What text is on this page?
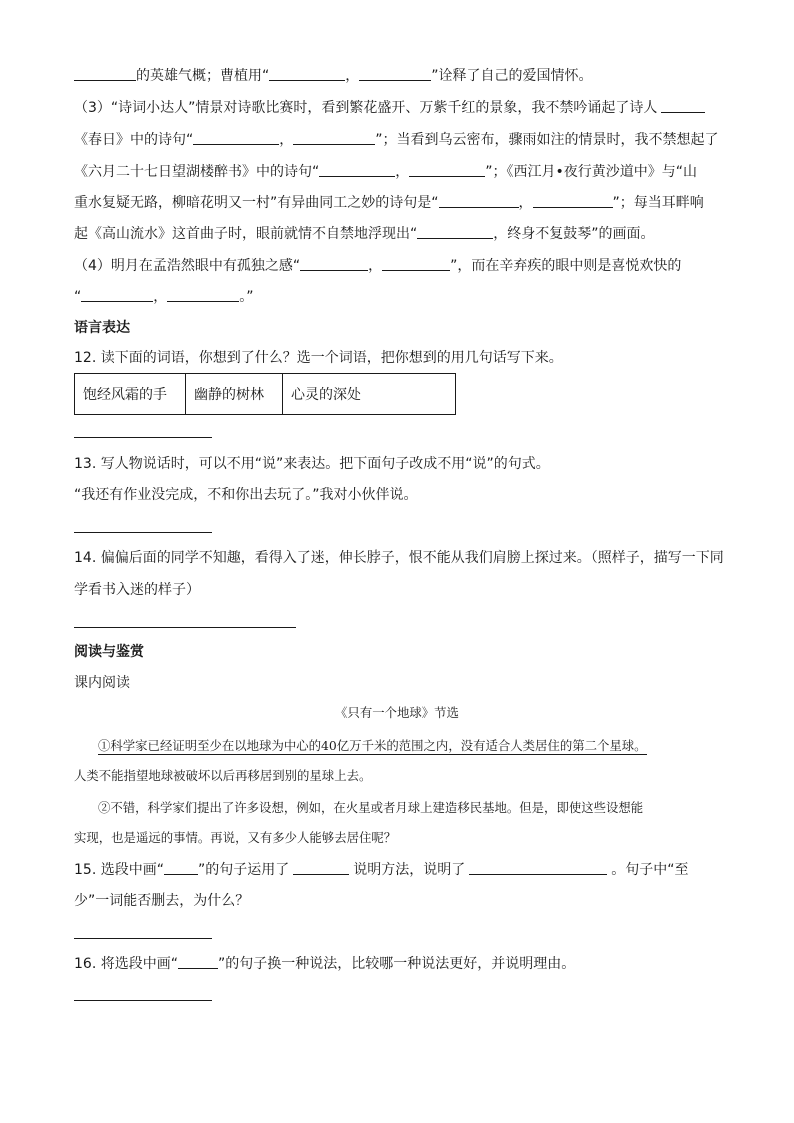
的英雄气概；曹植用“	，	”诠释了自己的爱国情怀。
（3）“诗词小达人”情景对诗歌比赛时，看到繁花盛开、万紫千红的景象，我不禁吟诵起了诗人
《春日》中的诗句“	，	”；当看到乌云密布，骤雨如注的情景时，我不禁想起了
《六月二十七日望湖楼醉书》中的诗句“	，	”；《西江月•夜行黄沙道中》与“山
重水复疑无路，柳暗花明又一村”有异曲同工之妙的诗句是“	，	”；每当耳畔响
起《高山流水》这首曲子时，眼前就情不自禁地浮现出“	，终身不复鼓琴”的画面。
（4）明月在孟浩然眼中有孤独之感“	，	”，而在辛弃疾的眼中则是喜悦欢快的
“	，	。”
语言表达
12. 读下面的词语，你想到了什么？选一个词语，把你想到的用几句话写下来。
饱经风霜的手	幽静的树林	心灵的深处
13. 写人物说话时，可以不用“说”来表达。把下面句子改成不用“说”的句式。
“我还有作业没完成，不和你出去玩了。”我对小伙伴说。
14. 偏偏后面的同学不知趣，看得入了迷，伸长脖子，恨不能从我们肩膀上探过来。（照样子，描写一下同
学看书入迷的样子）
阅读与鉴赏
课内阅读
《只有一个地球》节选
①科学家已经证明至少在以地球为中心的40亿万千米的范围之内，没有适合人类居住的第二个星球。
人类不能指望地球被破坏以后再移居到别的星球上去。
②不错，科学家们提出了许多设想，例如，在火星或者月球上建造移民基地。但是，即使这些设想能
实现，也是遥远的事情。再说，又有多少人能够去居住呢？
15. 选段中画“ ”的句子运用了	说明方法，说明了	。句子中“至
少”一词能否删去，为什么？
16. 将选段中画“	”的句子换一种说法，比较哪一种说法更好，并说明理由。
